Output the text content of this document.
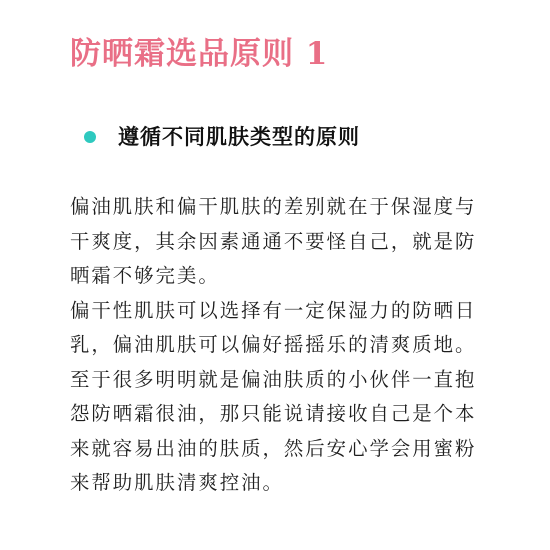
防晒霜选品原则 1
遵循不同肌肤类型的原则
偏油肌肤和偏干肌肤的差别就在于保湿度与
干爽度，其余因素通通不要怪自己，就是防
晒霜不够完美。
偏干性肌肤可以选择有一定保湿力的防晒日
乳，偏油肌肤可以偏好摇摇乐的清爽质地。
至于很多明明就是偏油肤质的小伙伴一直抱
怨防晒霜很油，那只能说请接收自己是个本
来就容易出油的肤质，然后安心学会用蜜粉
来帮助肌肤清爽控油。
